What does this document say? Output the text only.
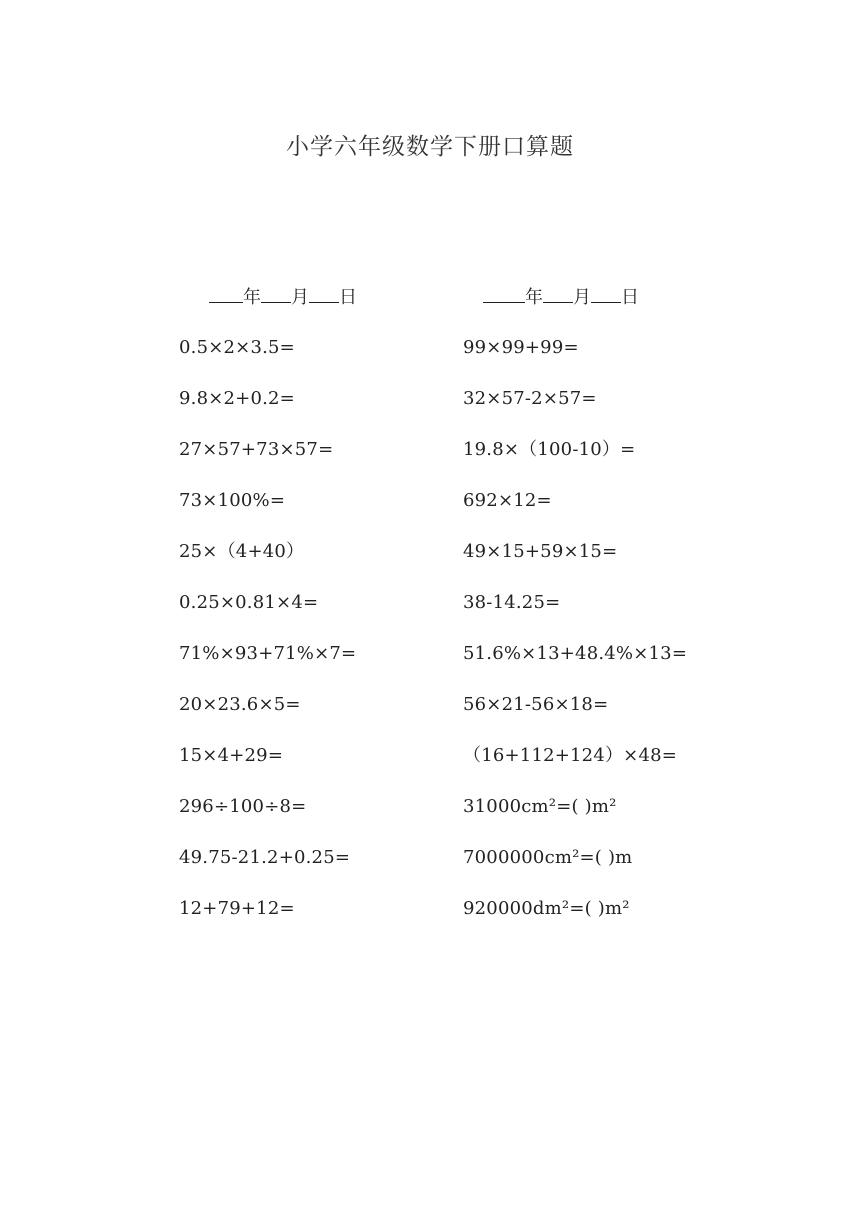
小学六年级数学下册口算题
年 月 日
0.5×2×3.5=
9.8×2+0.2=
27×57+73×57=
73×100%=
25×（4+40）
0.25×0.81×4=
71%×93+71%×7=
20×23.6×5=
15×4+29=
296÷100÷8=
49.75-21.2+0.25=
12+79+12=
年 月 日
99×99+99=
32×57-2×57=
19.8×（100-10）=
692×12=
49×15+59×15=
38-14.25=
51.6%×13+48.4%×13=
56×21-56×18=
（16+112+124）×48=
31000cm²=( )m²
7000000cm²=( )m
920000dm²=( )m²
